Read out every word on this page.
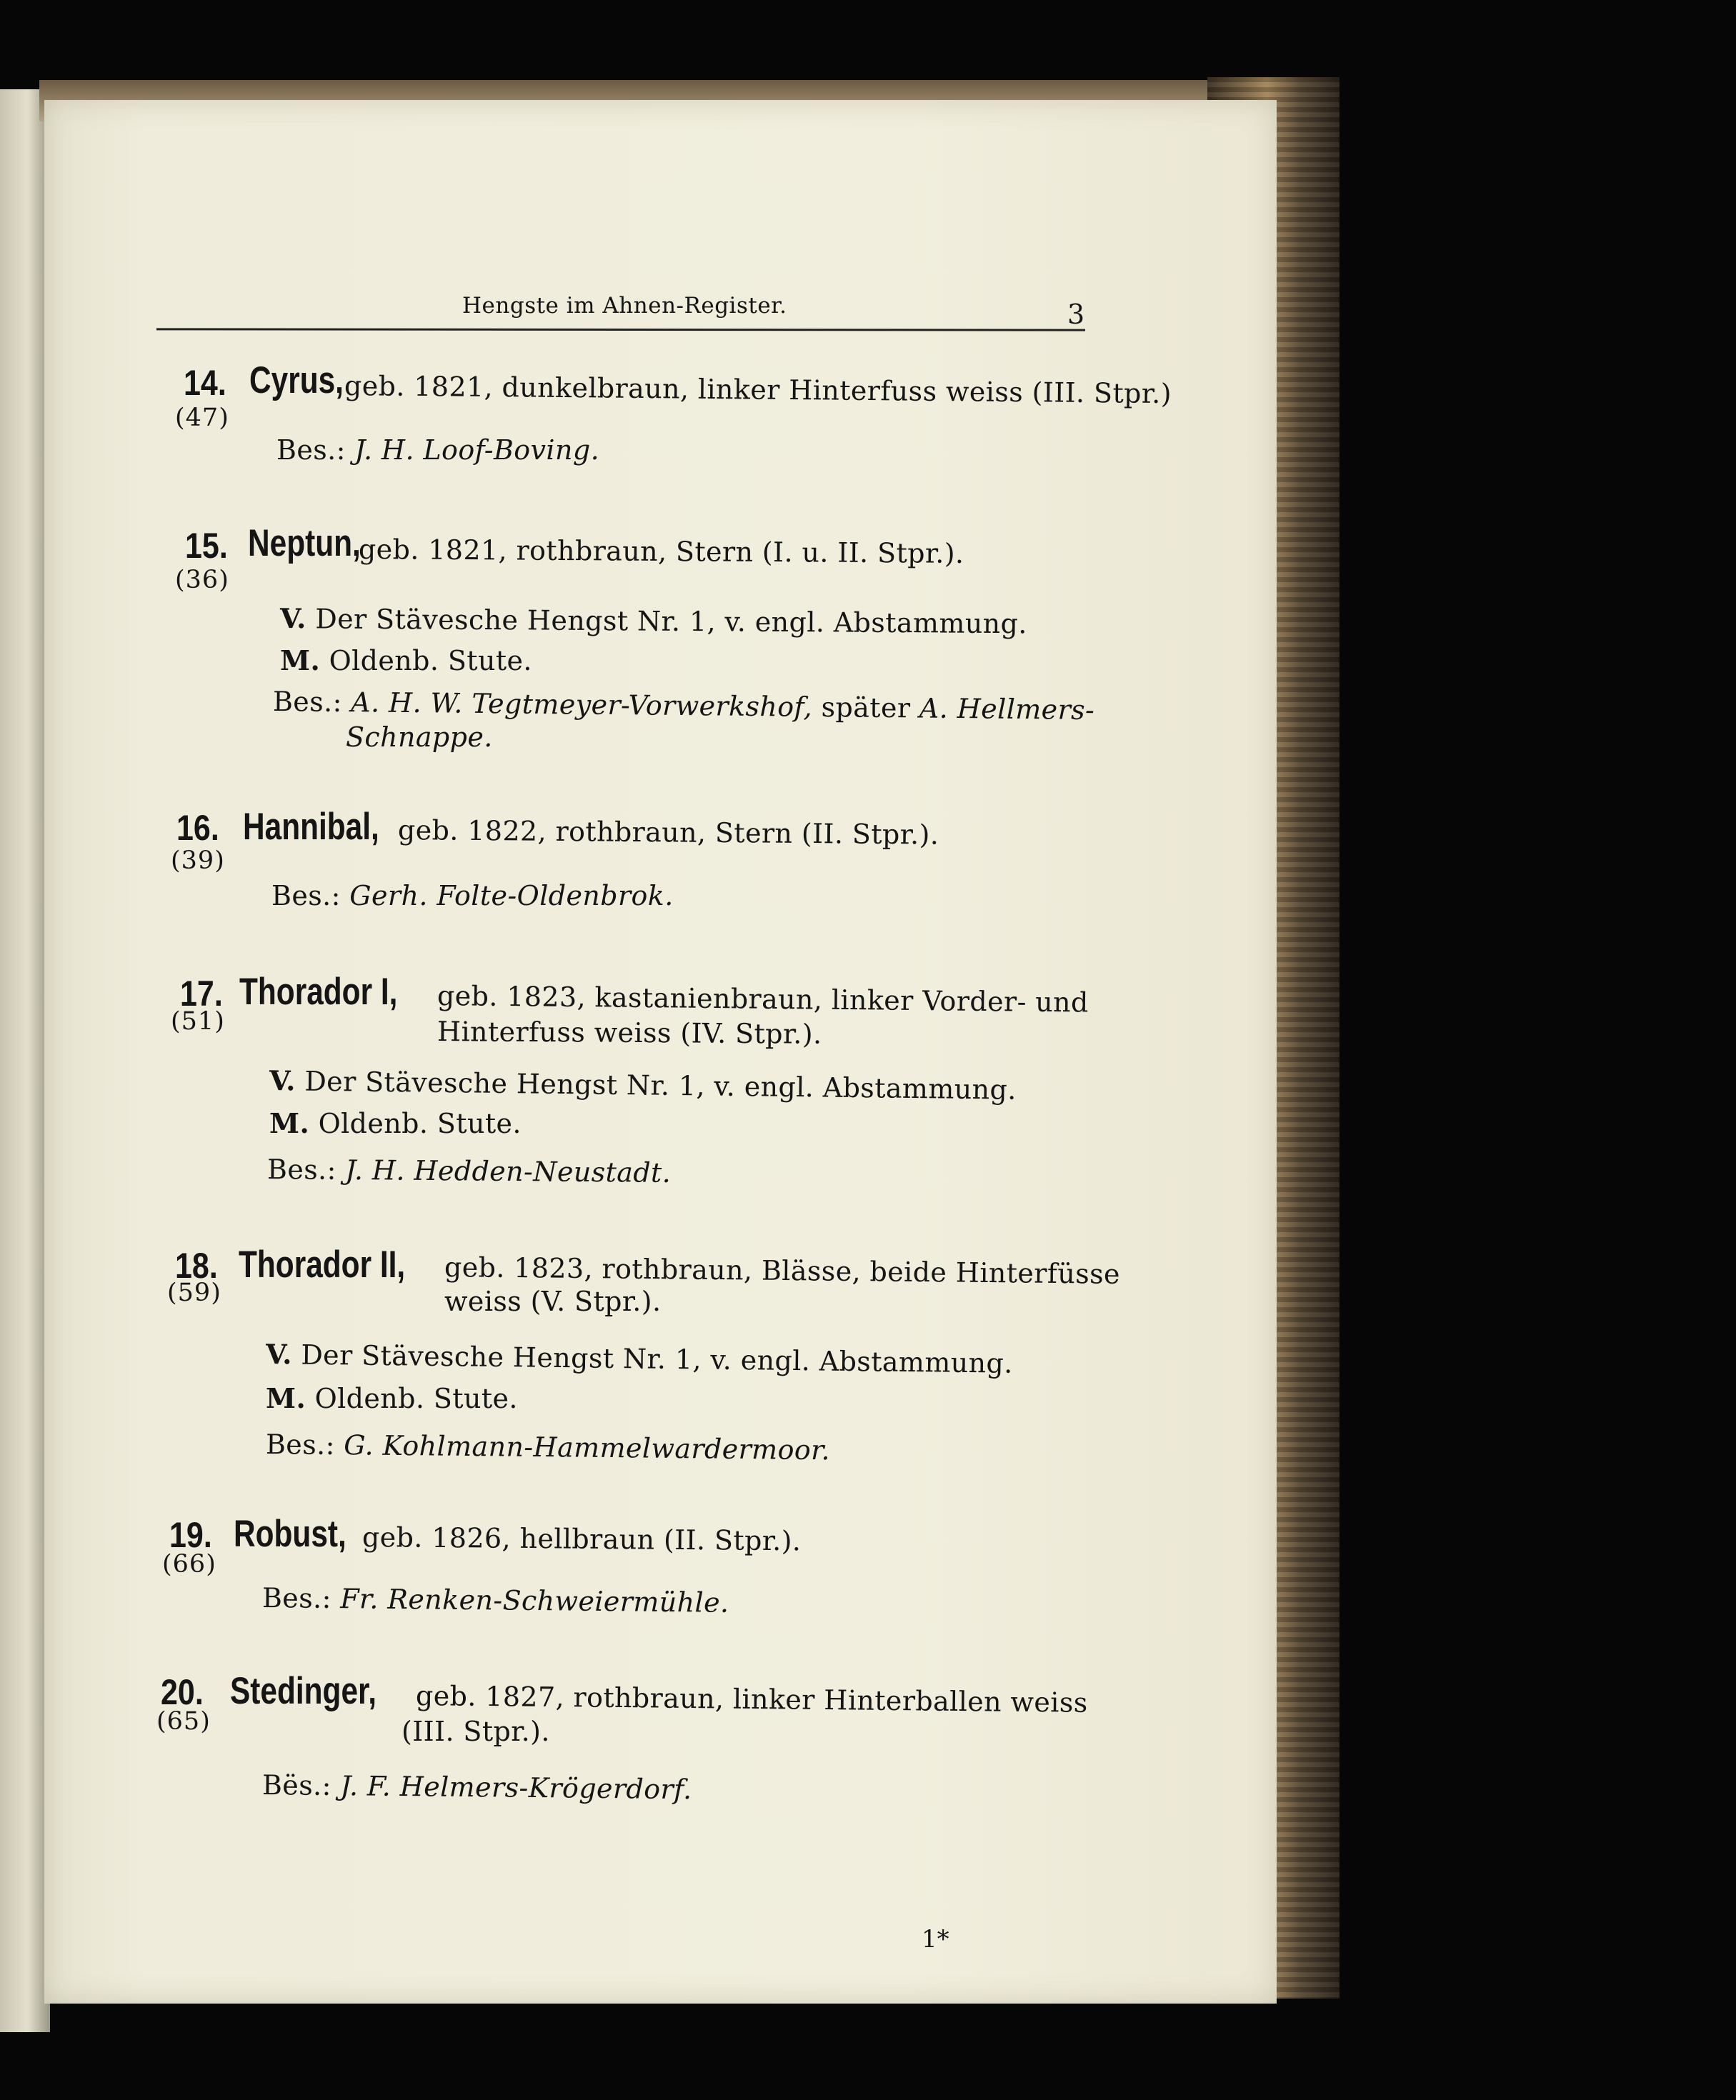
Hengste im Ahnen-Register.	3
14. Cyrus, geb. 1821, dunkelbraun, linker Hinterfuss weiss (III. Stpr.)
(47)
Bes.: J. H. Loof-Boving.
15. Neptun,
geb. 1821, rothbraun, Stern (I. u. II. Stpr.).
(36)
V. Der Stävesche Hengst Nr. 1, v. engl. Abstammung.
M. Oldenb. Stute.
Bes.: A. H. W. Tegtmeyer-Vorwerkshof, später A. Hellmers-
Schnappe.
16. Hannibal, geb. 1822, rothbraun, Stern (II. Stpr.).
(39)
Bes.: Gerh. Folte-Oldenbrok.
17. Thorador I, geb. 1823, kastanienbraun, linker Vorder- und
(51)	Hinterfuss weiss (IV. Stpr.).
V. Der Stävesche Hengst Nr. 1, v. engl. Abstammung.
M. Oldenb. Stute.
Bes.: J. H. Hedden-Neustadt.
18. Thorador II, geb. 1823, rothbraun, Blässe, beide Hinterfüsse
(59)	weiss (V. Stpr.).
V. Der Stävesche Hengst Nr. 1, v. engl. Abstammung.
M. Oldenb. Stute.
Bes.: G. Kohlmann-Hammelwardermoor.
19. Robust, geb. 1826, hellbraun (II. Stpr.).
(66)
Bes.: Fr. Renken-Schweiermühle.
20. Stedinger, geb. 1827, rothbraun, linker Hinterballen weiss
(65)	(III. Stpr.).
Bës.: J. F. Helmers-Krögerdorf.
1*
